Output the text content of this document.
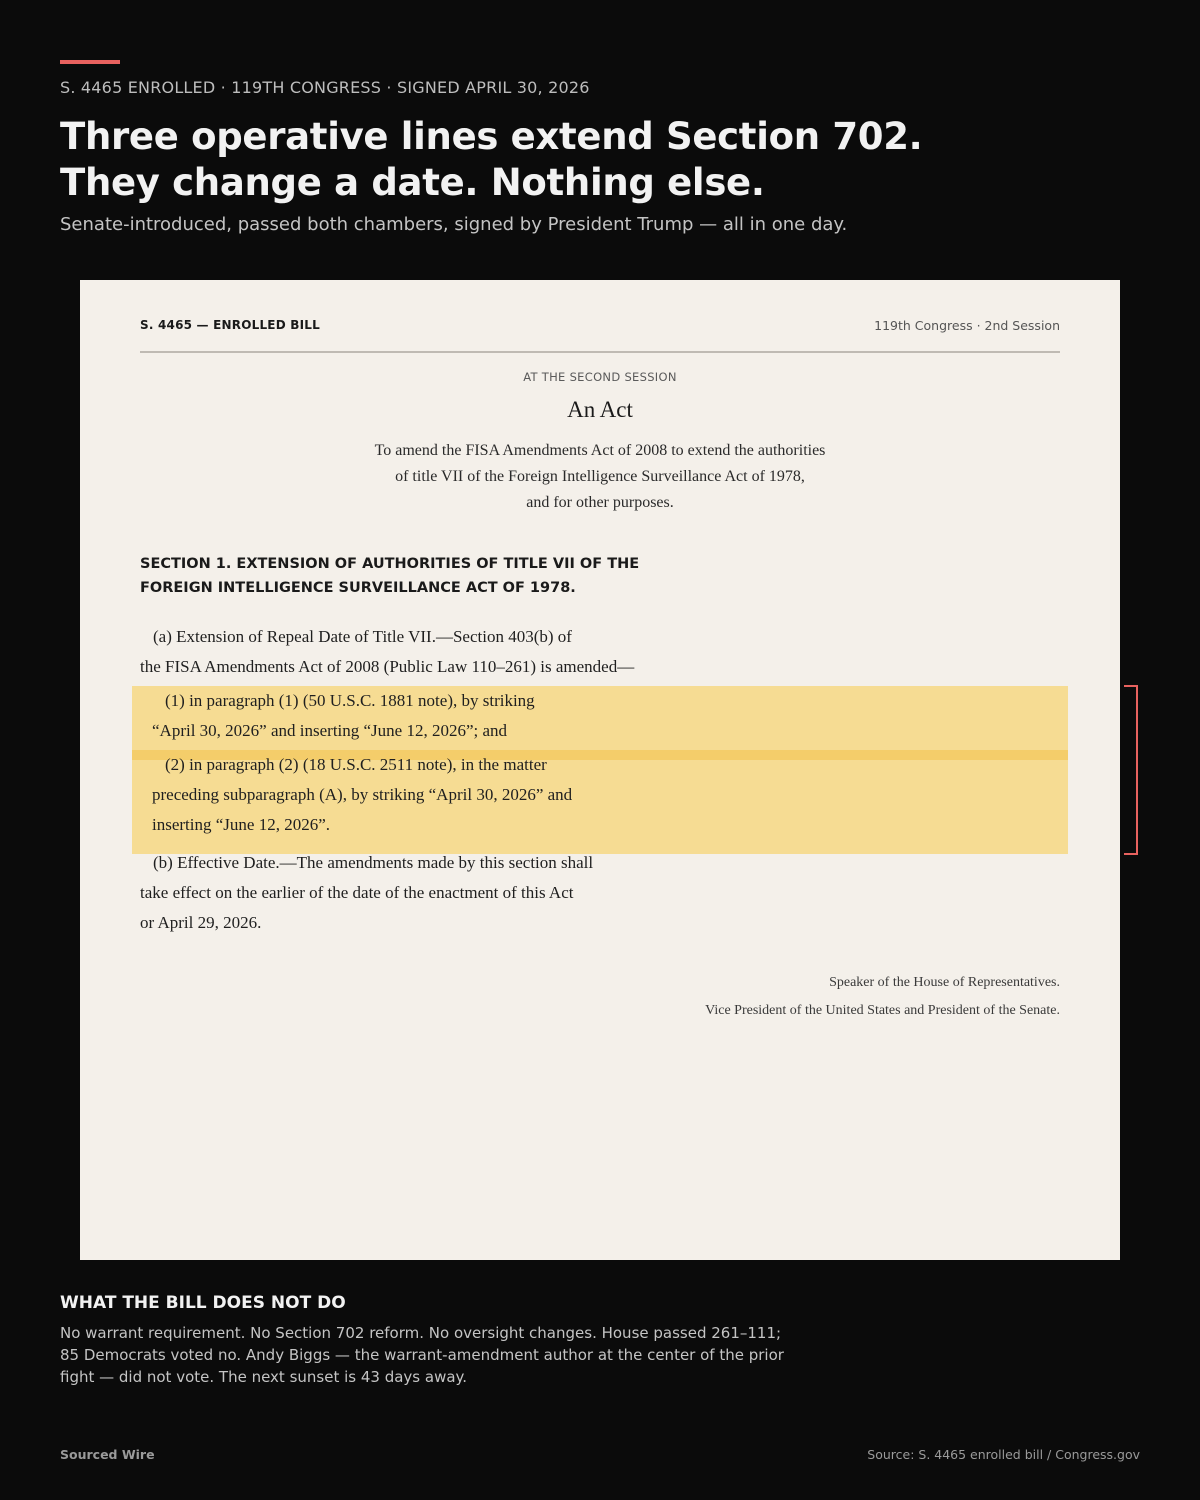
S. 4465 ENROLLED · 119TH CONGRESS · SIGNED APRIL 30, 2026
Three operative lines extend Section 702.
They change a date. Nothing else.
Senate-introduced, passed both chambers, signed by President Trump — all in one day.
S. 4465 — ENROLLED BILL	119th Congress · 2nd Session
AT THE SECOND SESSION
An Act
To amend the FISA Amendments Act of 2008 to extend the authorities
of title VII of the Foreign Intelligence Surveillance Act of 1978,
and for other purposes.
SECTION 1. EXTENSION OF AUTHORITIES OF TITLE VII OF THE
FOREIGN INTELLIGENCE SURVEILLANCE ACT OF 1978.
(a) Extension of Repeal Date of Title VII.—Section 403(b) of
the FISA Amendments Act of 2008 (Public Law 110–261) is amended—
(1) in paragraph (1) (50 U.S.C. 1881 note), by striking
“April 30, 2026” and inserting “June 12, 2026”; and
(2) in paragraph (2) (18 U.S.C. 2511 note), in the matter
preceding subparagraph (A), by striking “April 30, 2026” and
inserting “June 12, 2026”.
(b) Effective Date.—The amendments made by this section shall
take effect on the earlier of the date of the enactment of this Act
or April 29, 2026.
Speaker of the House of Representatives.
Vice President of the United States and President of the Senate.
WHAT THE BILL DOES NOT DO
No warrant requirement. No Section 702 reform. No oversight changes. House passed 261–111;
85 Democrats voted no. Andy Biggs — the warrant-amendment author at the center of the prior
fight — did not vote. The next sunset is 43 days away.
Sourced Wire	Source: S. 4465 enrolled bill / Congress.gov
